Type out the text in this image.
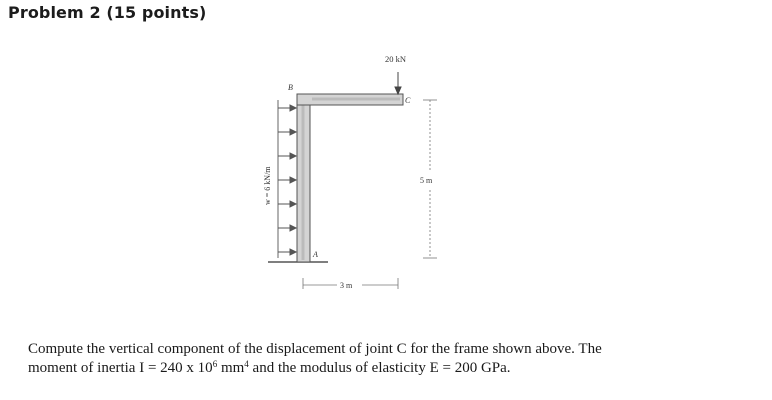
Problem 2 (15 points)
20 kN
B
C
A
5 m
3 m
w = 6 kN/m

Compute the vertical component of the displacement of joint C for the frame shown above. The

moment of inertia I = 240 x $10^6$ $mm^4$ and the modulus of elasticity E = 200 GPa.
